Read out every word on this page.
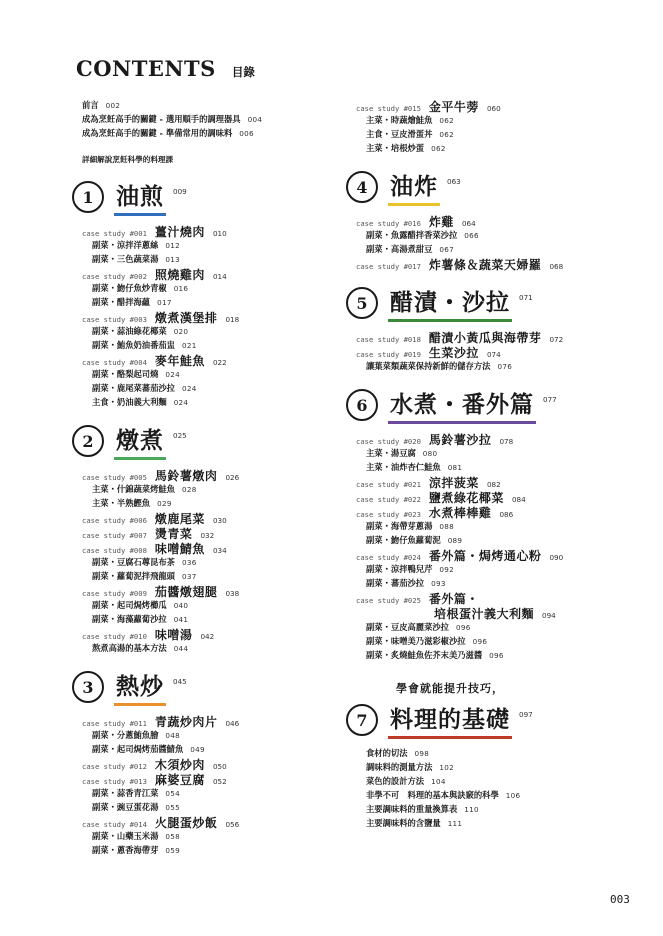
CONTENTS 目錄
前言 002
成為烹飪高手的關鍵 - 選用順手的調理器具 004
成為烹飪高手的關鍵 - 準備常用的調味料 006
詳細解說烹飪科學的料理課
1 油煎 009
case study #001 薑汁燒肉 010
副菜・涼拌洋蔥絲 012
副菜・三色蔬菜湯 013
case study #002 照燒雞肉 014
副菜・魩仔魚炒青椒 016
副菜・醋拌海蘊 017
case study #003 燉煮漢堡排 018
副菜・蒜油綠花椰菜 020
副菜・鮪魚奶油番茄盅 021
case study #004 麥年鮭魚 022
副菜・酪梨起司燒 024
副菜・鹿尾菜蕃茄沙拉 024
主食・奶油義大利麵 024
2 燉煮 025
case study #005 馬鈴薯燉肉 026
主菜・什錦蔬菜烤鮭魚 028
主菜・半熟鰹魚 029
case study #006 燉鹿尾菜 030
case study #007 燙青菜 032
case study #008 味噌鯖魚 034
副菜・豆腐石蓴昆布茶 036
副菜・蘿蔔泥拌飛龍頭 037
case study #009 茄醬燉翅腿 038
副菜・起司焗烤櫛瓜 040
副菜・海藻蘿蔔沙拉 041
case study #010 味噌湯 042
熬煮高湯的基本方法 044
3 熱炒 045
case study #011 青蔬炒肉片 046
副菜・分蔥鮪魚膾 048
副菜・起司焗烤茄醬鯖魚 049
case study #012 木須炒肉 050
case study #013 麻婆豆腐 052
副菜・蒜香青江菜 054
副菜・豌豆蛋花湯 055
case study #014 火腿蛋炒飯 056
副菜・山藥玉米湯 058
副菜・蔥香海帶芽 059
case study #015 金平牛蒡 060
主菜・時蔬燴鮭魚 062
主食・豆皮滑蛋丼 062
主菜・培根炒蛋 062
4 油炸 063
case study #016 炸雞 064
副菜・魚露醋拌香菜沙拉 066
副菜・高湯煮甜豆 067
case study #017 炸薯條＆蔬菜天婦羅 068
5 醋漬・沙拉 071
case study #018 醋漬小黃瓜與海帶芽 072
case study #019 生菜沙拉 074
讓葉菜類蔬菜保持新鮮的儲存方法 076
6 水煮・番外篇 077
case study #020 馬鈴薯沙拉 078
主菜・湯豆腐 080
主菜・油炸杏仁鮭魚 081
case study #021 涼拌菠菜 082
case study #022 鹽煮綠花椰菜 084
case study #023 水煮棒棒雞 086
副菜・海帶芽蔥湯 088
副菜・魩仔魚蘿蔔泥 089
case study #024 番外篇・焗烤通心粉 090
副菜・涼拌鴨兒芹 092
副菜・蕃茄沙拉 093
case study #025 番外篇・
培根蛋汁義大利麵 094
副菜・豆皮高麗菜沙拉 096
副菜・味噌美乃滋彩椒沙拉 096
副菜・炙燒鮭魚佐芥末美乃滋醬 096
學會就能提升技巧，
7 料理的基礎 097
食材的切法 098
調味料的測量方法 102
菜色的設計方法 104
非學不可　料理的基本與訣竅的科學 106
主要調味料的重量換算表 110
主要調味料的含鹽量 111
003
